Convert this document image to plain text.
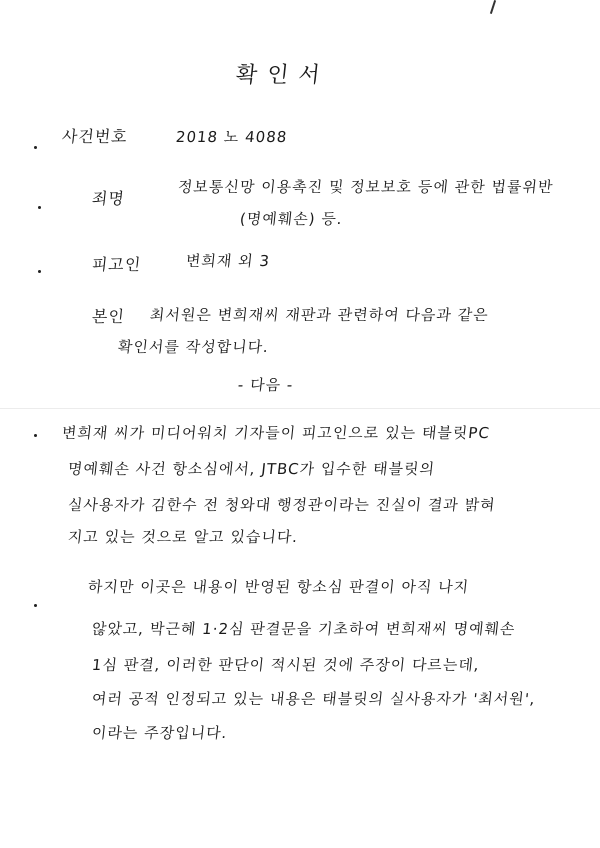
확인서
사건번호	2018 노 4088
죄명
정보통신망 이용촉진 및 정보보호 등에 관한 법률위반
(명예훼손) 등.
피고인	변희재 외 3
본인 최서원은 변희재씨 재판과 관련하여 다음과 같은
확인서를 작성합니다.
- 다음 -
변희재 씨가 미디어워치 기자들이 피고인으로 있는 태블릿PC
명예훼손 사건 항소심에서, JTBC가 입수한 태블릿의
실사용자가 김한수 전 청와대 행정관이라는 진실이 결과 밝혀
지고 있는 것으로 알고 있습니다.
하지만 이곳은 내용이 반영된 항소심 판결이 아직 나지
않았고, 박근혜 1·2심 판결문을 기초하여 변희재씨 명예훼손
1심 판결, 이러한 판단이 적시된 것에 주장이 다르는데,
여러 공적 인정되고 있는 내용은 태블릿의 실사용자가 '최서원',
이라는 주장입니다.
